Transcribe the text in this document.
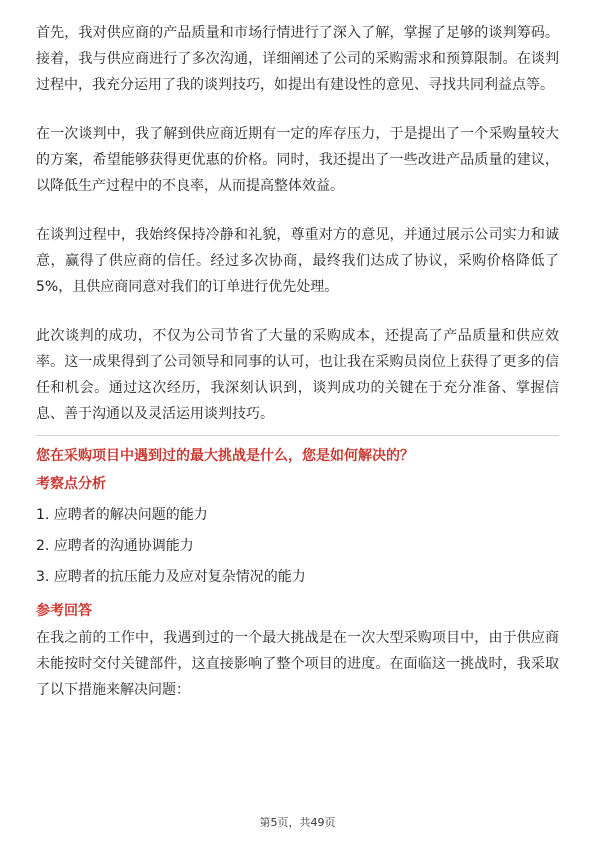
首先，我对供应商的产品质量和市场行情进行了深入了解，掌握了足够的谈判筹码。接着，我与供应商进行了多次沟通，详细阐述了公司的采购需求和预算限制。在谈判过程中，我充分运用了我的谈判技巧，如提出有建设性的意见、寻找共同利益点等。

在一次谈判中，我了解到供应商近期有一定的库存压力，于是提出了一个采购量较大的方案，希望能够获得更优惠的价格。同时，我还提出了一些改进产品质量的建议，以降低生产过程中的不良率，从而提高整体效益。

在谈判过程中，我始终保持冷静和礼貌，尊重对方的意见，并通过展示公司实力和诚意，赢得了供应商的信任。经过多次协商，最终我们达成了协议，采购价格降低了5%，且供应商同意对我们的订单进行优先处理。

此次谈判的成功，不仅为公司节省了大量的采购成本，还提高了产品质量和供应效率。这一成果得到了公司领导和同事的认可，也让我在采购员岗位上获得了更多的信任和机会。通过这次经历，我深刻认识到，谈判成功的关键在于充分准备、掌握信息、善于沟通以及灵活运用谈判技巧。

您在采购项目中遇到过的最大挑战是什么，您是如何解决的？
考察点分析
1. 应聘者的解决问题的能力
2. 应聘者的沟通协调能力
3. 应聘者的抗压能力及应对复杂情况的能力
参考回答

在我之前的工作中，我遇到过的一个最大挑战是在一次大型采购项目中，由于供应商未能按时交付关键部件，这直接影响了整个项目的进度。在面临这一挑战时，我采取了以下措施来解决问题：

第5页，共49页
